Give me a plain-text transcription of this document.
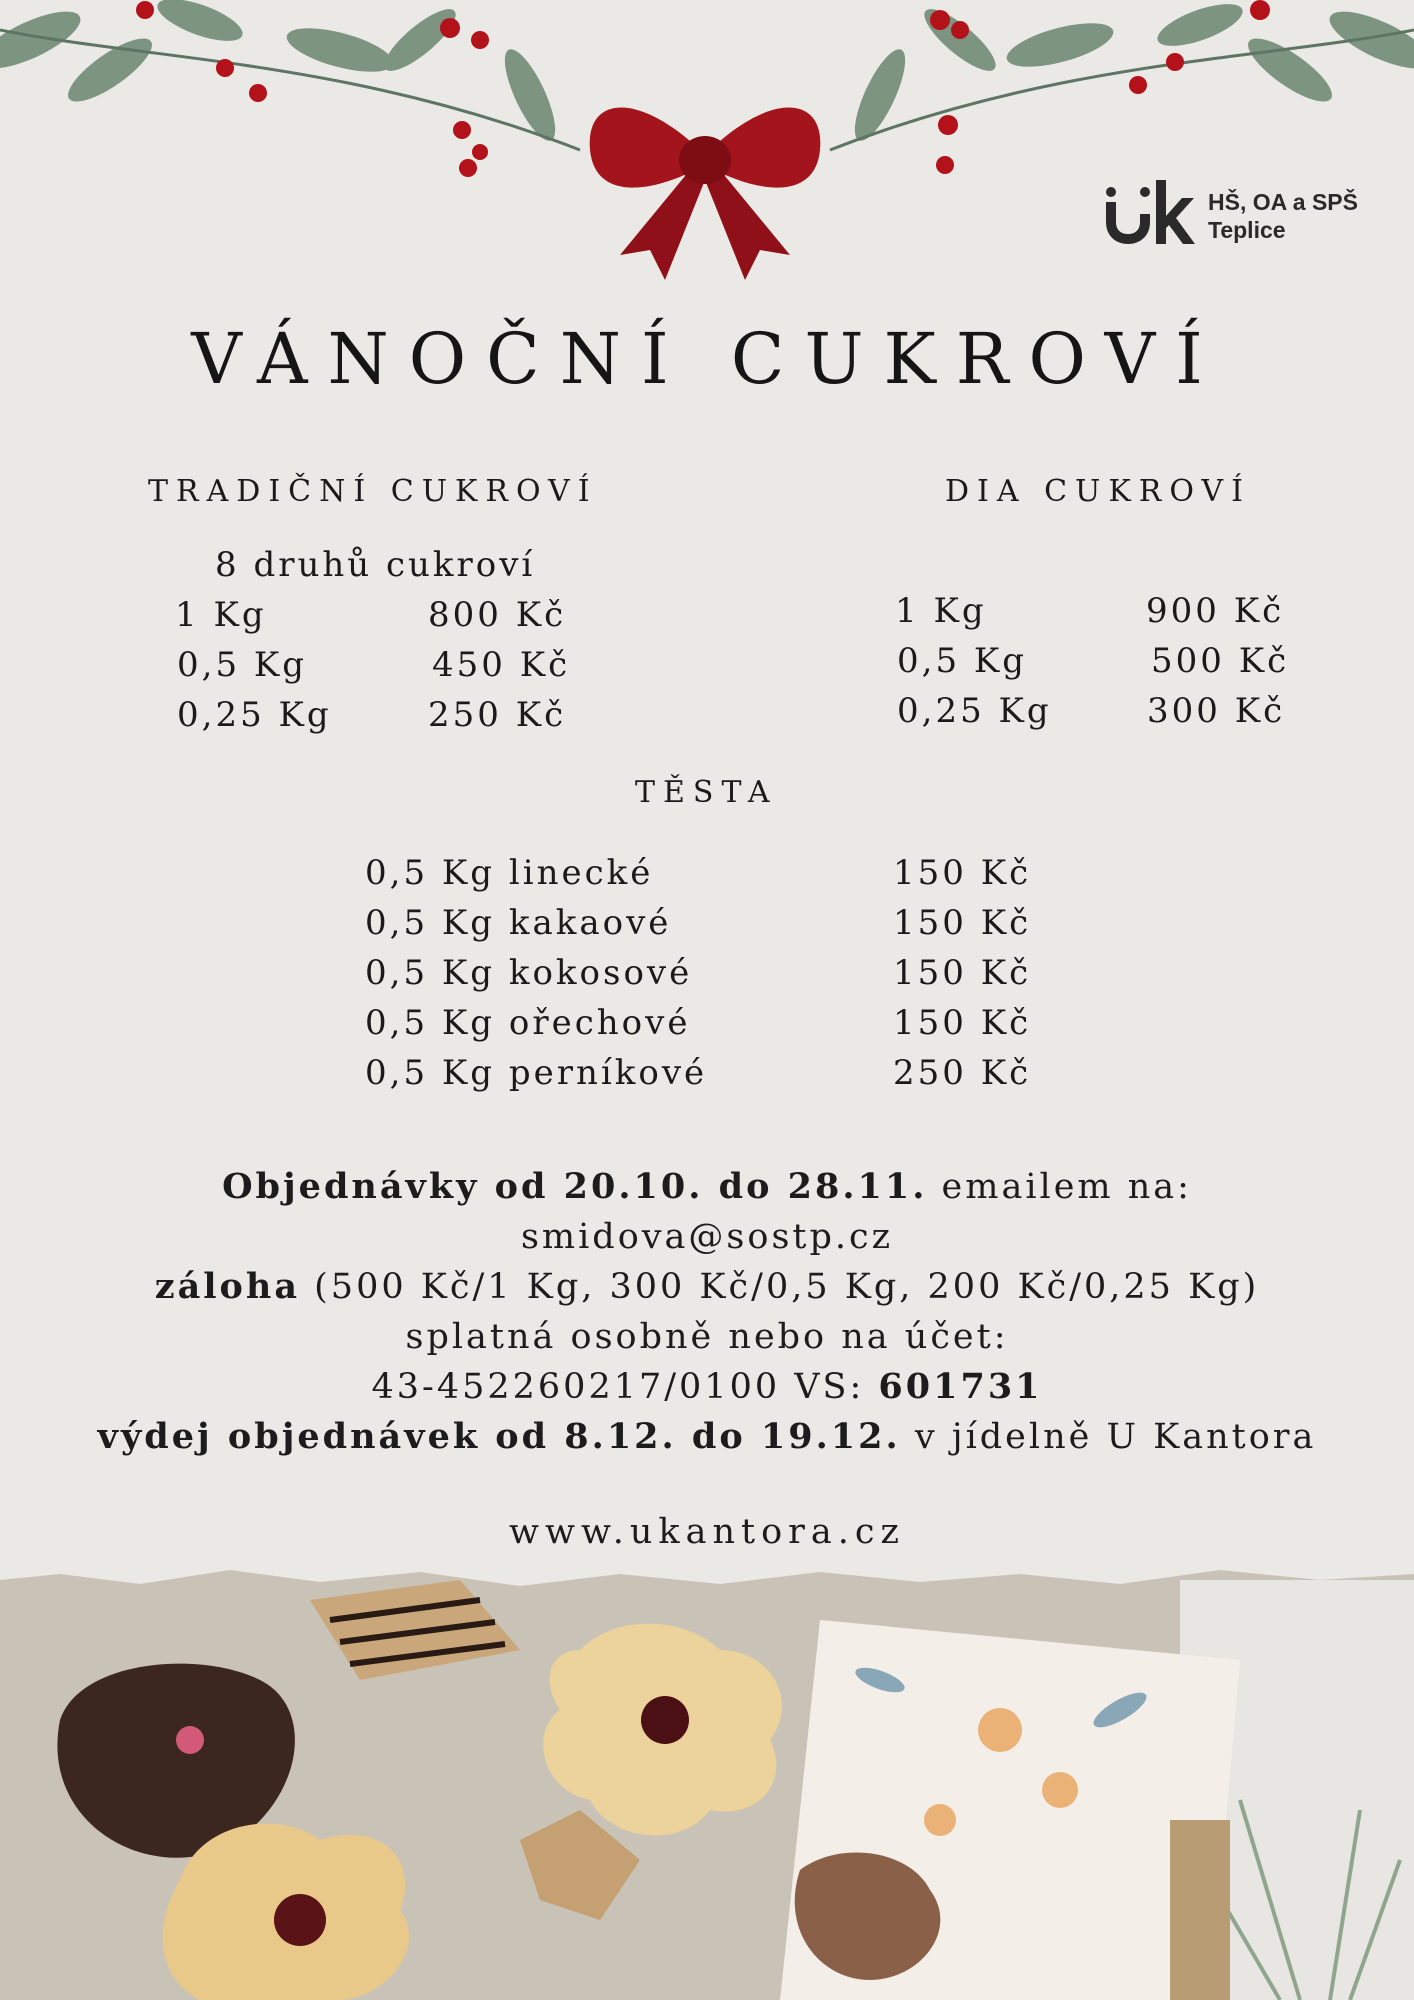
HŠ, OA a SPŠ
Teplice
VÁNOČNÍ CUKROVÍ
TRADIČNÍ CUKROVÍ
8 druhů cukroví
1 Kg	800 Kč
0,5 Kg	450 Kč
0,25 Kg	250 Kč
DIA CUKROVÍ
1 Kg	900 Kč
0,5 Kg	500 Kč
0,25 Kg	300 Kč
TĚSTA
0,5 Kg linecké	150 Kč
0,5 Kg kakaové	150 Kč
0,5 Kg kokosové	150 Kč
0,5 Kg ořechové	150 Kč
0,5 Kg perníkové	250 Kč
Objednávky od 20.10. do 28.11. emailem na:
smidova@sostp.cz
záloha (500 Kč/1 Kg, 300 Kč/0,5 Kg, 200 Kč/0,25 Kg)
splatná osobně nebo na účet:
43-452260217/0100 VS: 601731
výdej objednávek od 8.12. do 19.12. v jídelně U Kantora
www.ukantora.cz
